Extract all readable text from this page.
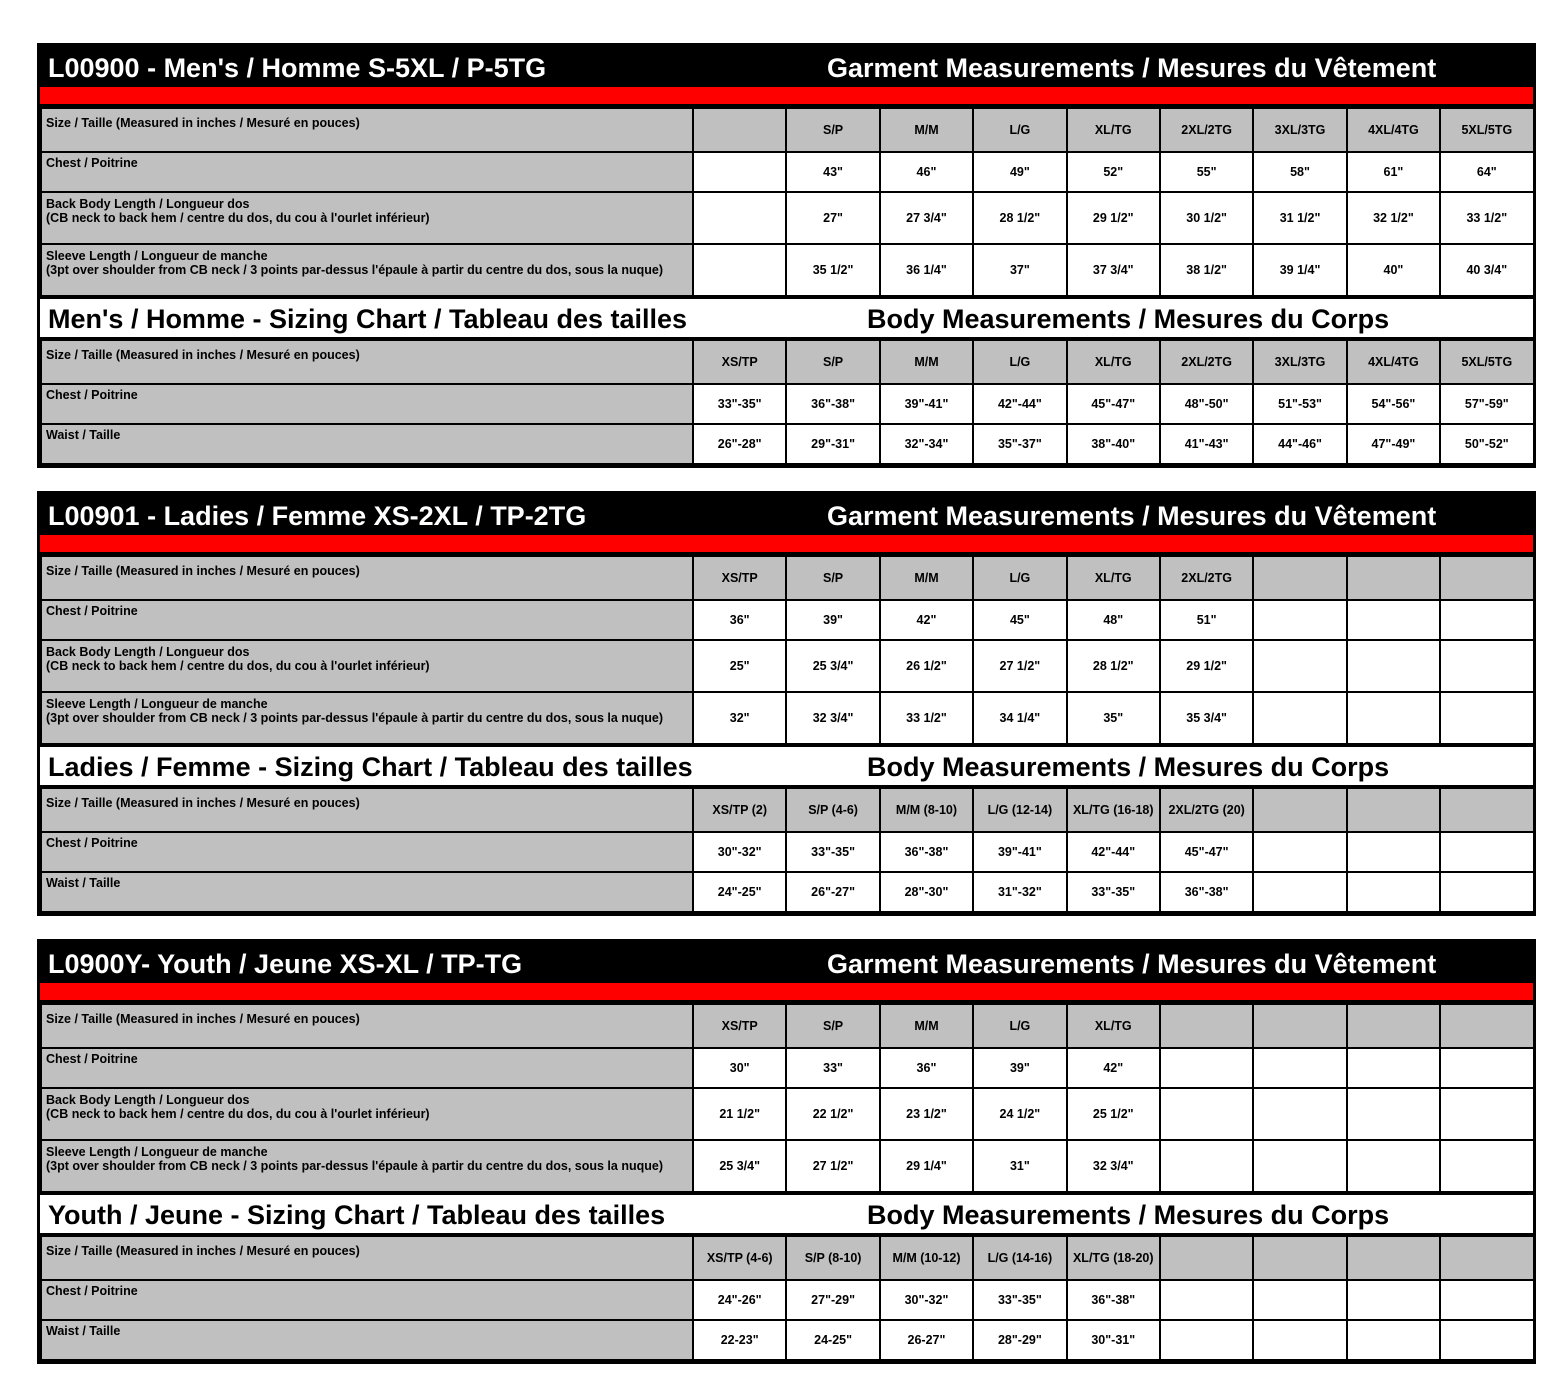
L00900 - Men's / Homme S-5XL / P-5TG	Garment Measurements / Mesures du Vêtement
Size / Taille (Measured in inches / Mesuré en pouces)		S/P	M/M	L/G	XL/TG	2XL/2TG	3XL/3TG	4XL/4TG	5XL/5TG

Chest / Poitrine		43"	46"	49"	52"	55"	58"	61"	64"

Back Body Length / Longueur dos
(CB neck to back hem / centre du dos, du cou à l'ourlet inférieur)		27"	27 3/4"	28 1/2"	29 1/2"	30 1/2"	31 1/2"	32 1/2"	33 1/2"

Sleeve Length / Longueur de manche
(3pt over shoulder from CB neck / 3 points par-dessus l'épaule à partir du centre du dos, sous la nuque)		35 1/2"	36 1/4"	37"	37 3/4"	38 1/2"	39 1/4"	40"	40 3/4"
Men's / Homme - Sizing Chart / Tableau des tailles	Body Measurements / Mesures du Corps
Size / Taille (Measured in inches / Mesuré en pouces)	XS/TP	S/P	M/M	L/G	XL/TG	2XL/2TG	3XL/3TG	4XL/4TG	5XL/5TG

Chest / Poitrine	33"-35"	36"-38"	39"-41"	42"-44"	45"-47"	48"-50"	51"-53"	54"-56"	57"-59"

Waist / Taille	26"-28"	29"-31"	32"-34"	35"-37"	38"-40"	41"-43"	44"-46"	47"-49"	50"-52"
L00901 - Ladies / Femme XS-2XL / TP-2TG	Garment Measurements / Mesures du Vêtement
Size / Taille (Measured in inches / Mesuré en pouces)	XS/TP	S/P	M/M	L/G	XL/TG	2XL/2TG			

Chest / Poitrine	36"	39"	42"	45"	48"	51"			

Back Body Length / Longueur dos
(CB neck to back hem / centre du dos, du cou à l'ourlet inférieur)	25"	25 3/4"	26 1/2"	27 1/2"	28 1/2"	29 1/2"			

Sleeve Length / Longueur de manche
(3pt over shoulder from CB neck / 3 points par-dessus l'épaule à partir du centre du dos, sous la nuque)	32"	32 3/4"	33 1/2"	34 1/4"	35"	35 3/4"			
Ladies / Femme - Sizing Chart / Tableau des tailles	Body Measurements / Mesures du Corps
Size / Taille (Measured in inches / Mesuré en pouces)	XS/TP (2)	S/P (4-6)	M/M (8-10)	L/G (12-14)	XL/TG (16-18)	2XL/2TG (20)			

Chest / Poitrine	30"-32"	33"-35"	36"-38"	39"-41"	42"-44"	45"-47"			

Waist / Taille	24"-25"	26"-27"	28"-30"	31"-32"	33"-35"	36"-38"			
L0900Y- Youth / Jeune XS-XL / TP-TG	Garment Measurements / Mesures du Vêtement
Size / Taille (Measured in inches / Mesuré en pouces)	XS/TP	S/P	M/M	L/G	XL/TG				

Chest / Poitrine	30"	33"	36"	39"	42"				

Back Body Length / Longueur dos
(CB neck to back hem / centre du dos, du cou à l'ourlet inférieur)	21 1/2"	22 1/2"	23 1/2"	24 1/2"	25 1/2"				

Sleeve Length / Longueur de manche
(3pt over shoulder from CB neck / 3 points par-dessus l'épaule à partir du centre du dos, sous la nuque)	25 3/4"	27 1/2"	29 1/4"	31"	32 3/4"				
Youth / Jeune - Sizing Chart / Tableau des tailles	Body Measurements / Mesures du Corps
Size / Taille (Measured in inches / Mesuré en pouces)	XS/TP (4-6)	S/P (8-10)	M/M (10-12)	L/G (14-16)	XL/TG (18-20)				

Chest / Poitrine	24"-26"	27"-29"	30"-32"	33"-35"	36"-38"				

Waist / Taille	22-23"	24-25"	26-27"	28"-29"	30"-31"				
